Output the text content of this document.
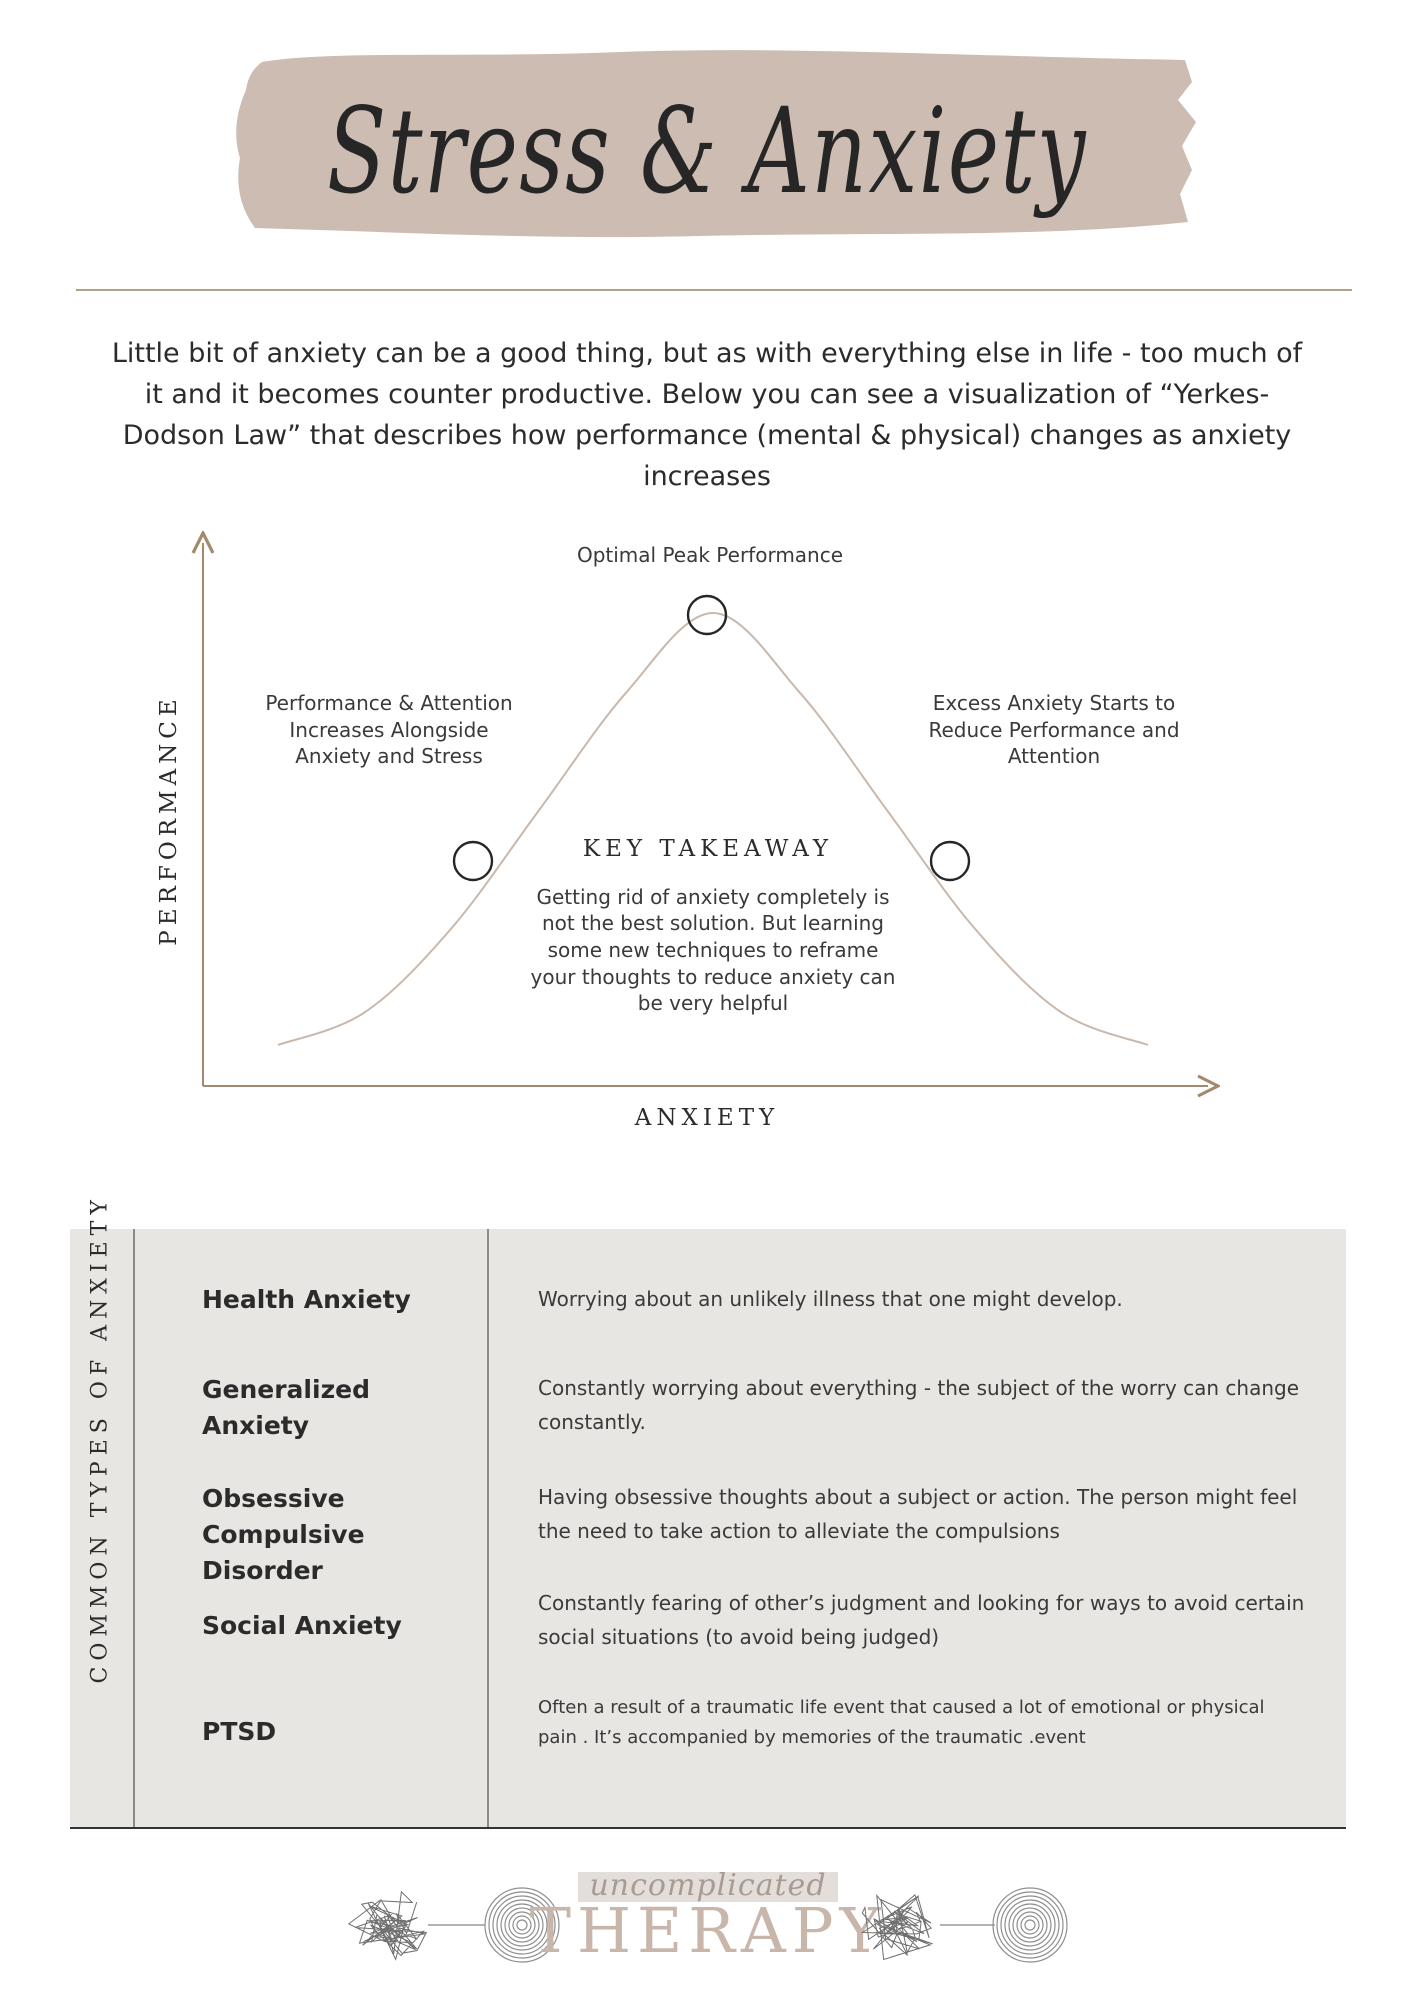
Stress & Anxiety
Little bit of anxiety can be a good thing, but as with everything else in life - too much of it and it becomes counter productive. Below you can see a visualization of “Yerkes-Dodson Law” that describes how performance (mental & physical) changes as anxiety increases
Optimal Peak Performance
Performance & Attention
Increases Alongside
Anxiety and Stress
Excess Anxiety Starts to
Reduce Performance and
Attention
KEY TAKEAWAY
Getting rid of anxiety completely is
not the best solution. But learning
some new techniques to reframe
your thoughts to reduce anxiety can
be very helpful
ANXIETY
PERFORMANCE
COMMON TYPES OF ANXIETY	Health Anxiety	Worrying about an unlikely illness that one might develop.
Generalized Anxiety
Constantly worrying about everything - the subject of the worry can change constantly.
Obsessive Compulsive Disorder
Having obsessive thoughts about a subject or action. The person might feel the need to take action to alleviate the compulsions
Social Anxiety
Constantly fearing of other’s judgment and looking for ways to avoid certain social situations (to avoid being judged)
PTSD
Often a result of a traumatic life event that caused a lot of emotional or physical pain . It’s accompanied by memories of the traumatic .event
uncomplicated
THERAPY
